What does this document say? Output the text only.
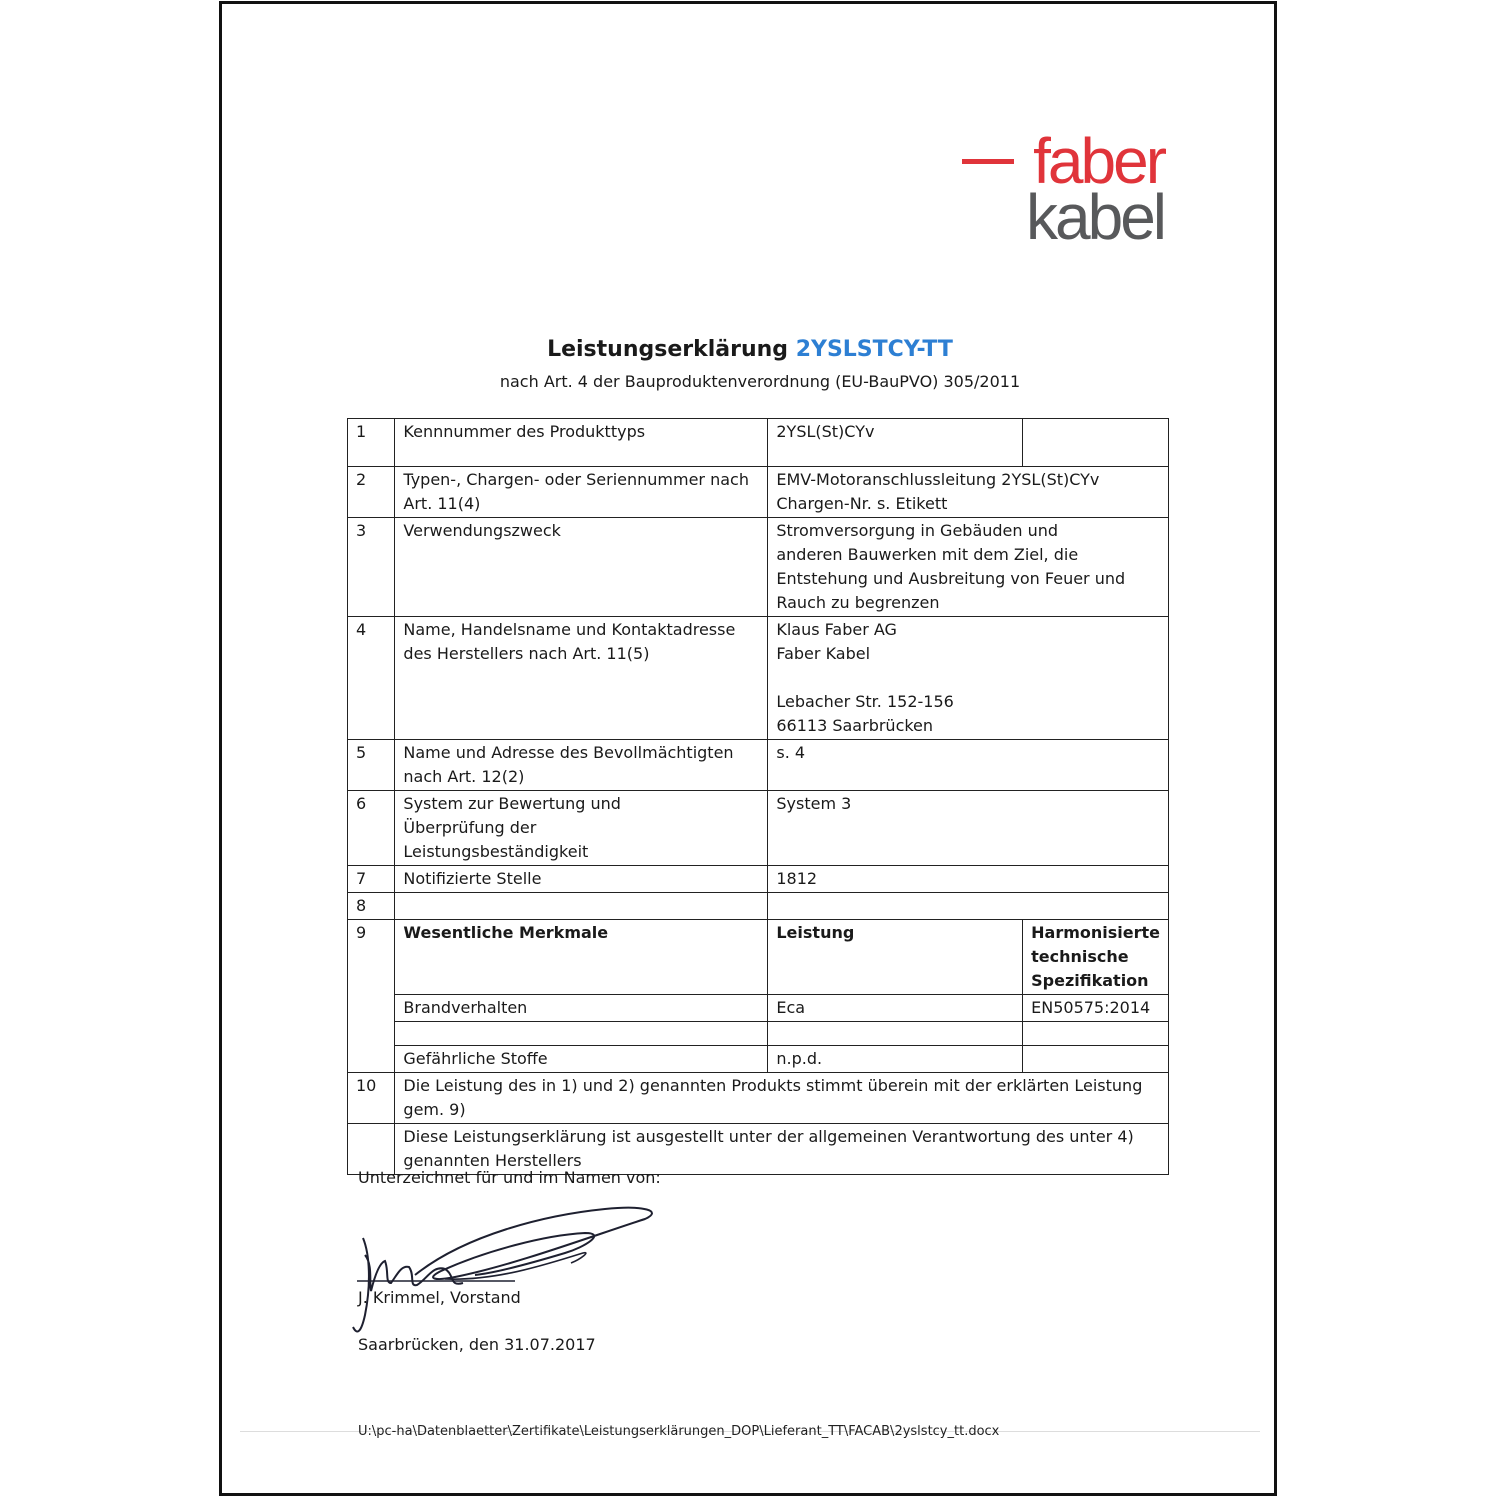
faber
kabel
Leistungserklärung 2YSLSTCY-TT
nach Art. 4 der Bauproduktenverordnung (EU-BauPVO) 305/2011
1	Kennnummer des Produkttyps	2YSL(St)CYv	
2	Typen-, Chargen- oder Seriennummer nach Art. 11(4)	EMV-Motoranschlussleitung 2YSL(St)CYv
Chargen-Nr. s. Etikett	

3	Verwendungszweck	Stromversorgung in Gebäuden und anderen Bauwerken mit dem Ziel, die Entstehung und Ausbreitung von Feuer und Rauch zu begrenzen	
4	Name, Handelsname und Kontaktadresse des Herstellers nach Art. 11(5)	Klaus Faber AG
Faber Kabel
Lebacher Str. 152-156
66113 Saarbrücken	

5	Name und Adresse des Bevollmächtigten nach Art. 12(2)	s. 4	
6	System zur Bewertung und Überprüfung der Leistungsbeständigkeit	System 3	
7	Notifizierte Stelle	1812	
8			
9	Wesentliche Merkmale	Leistung	Harmonisierte technische Spezifikation
	Brandverhalten	Eca	EN50575:2014

	Gefährliche Stoffe	n.p.d.	
10	Die Leistung des in 1) und 2) genannten Produkts stimmt überein mit der erklärten Leistung gem. 9)		
	Diese Leistungserklärung ist ausgestellt unter der allgemeinen Verantwortung des unter 4) genannten Herstellers		
Unterzeichnet für und im Namen von:
J. Krimmel, Vorstand
Saarbrücken, den 31.07.2017
U:\pc-ha\Datenblaetter\Zertifikate\Leistungserklärungen_DOP\Lieferant_TT\FACAB\2yslstcy_tt.docx
